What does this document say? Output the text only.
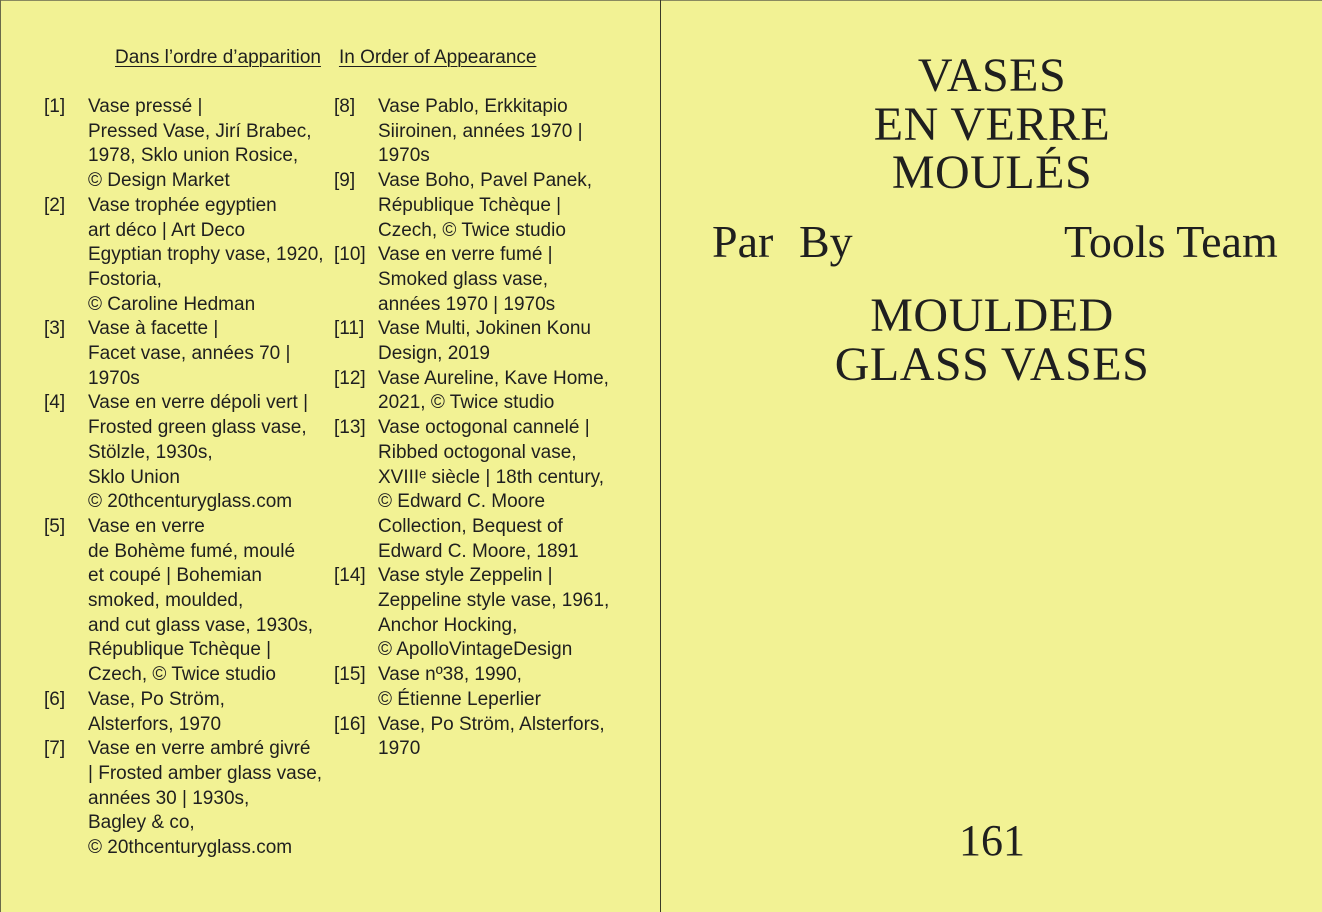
Dans l’ordre d’apparition In Order of Appearance
[1]	Vase pressé |
Pressed Vase, Jirí Brabec,
1978, Sklo union Rosice,
© Design Market
[2]	Vase trophée egyptien
art déco | Art Deco
Egyptian trophy vase, 1920,
Fostoria,
© Caroline Hedman
[3]	Vase à facette |
Facet vase, années 70 |
1970s
[4]	Vase en verre dépoli vert |
Frosted green glass vase,
Stölzle, 1930s,
Sklo Union
© 20thcenturyglass.com
[5]	Vase en verre
de Bohème fumé, moulé
et coupé | Bohemian
smoked, moulded,
and cut glass vase, 1930s,
République Tchèque |
Czech, © Twice studio
[6]	Vase, Po Ström,
Alsterfors, 1970
[7]	Vase en verre ambré givré
| Frosted amber glass vase,
années 30 | 1930s,
Bagley & co,
© 20thcenturyglass.com
[8]	Vase Pablo, Erkkitapio
Siiroinen, années 1970 |
1970s
[9]	Vase Boho, Pavel Panek,
République Tchèque |
Czech, © Twice studio
[10] Vase en verre fumé |
Smoked glass vase,
années 1970 | 1970s
[11] Vase Multi, Jokinen Konu
Design, 2019
[12] Vase Aureline, Kave Home,
2021, © Twice studio
[13] Vase octogonal cannelé |
Ribbed octogonal vase,
XVIIIᵉ siècle | 18th century,
© Edward C. Moore
Collection, Bequest of
Edward C. Moore, 1891
[14] Vase style Zeppelin |
Zeppeline style vase, 1961,
Anchor Hocking,
© ApolloVintageDesign
[15] Vase nº38, 1990,
© Étienne Leperlier
[16] Vase, Po Ström, Alsterfors,
1970
VASES
EN VERRE
MOULÉS
Par By	Tools Team
MOULDED
GLASS VASES
161
